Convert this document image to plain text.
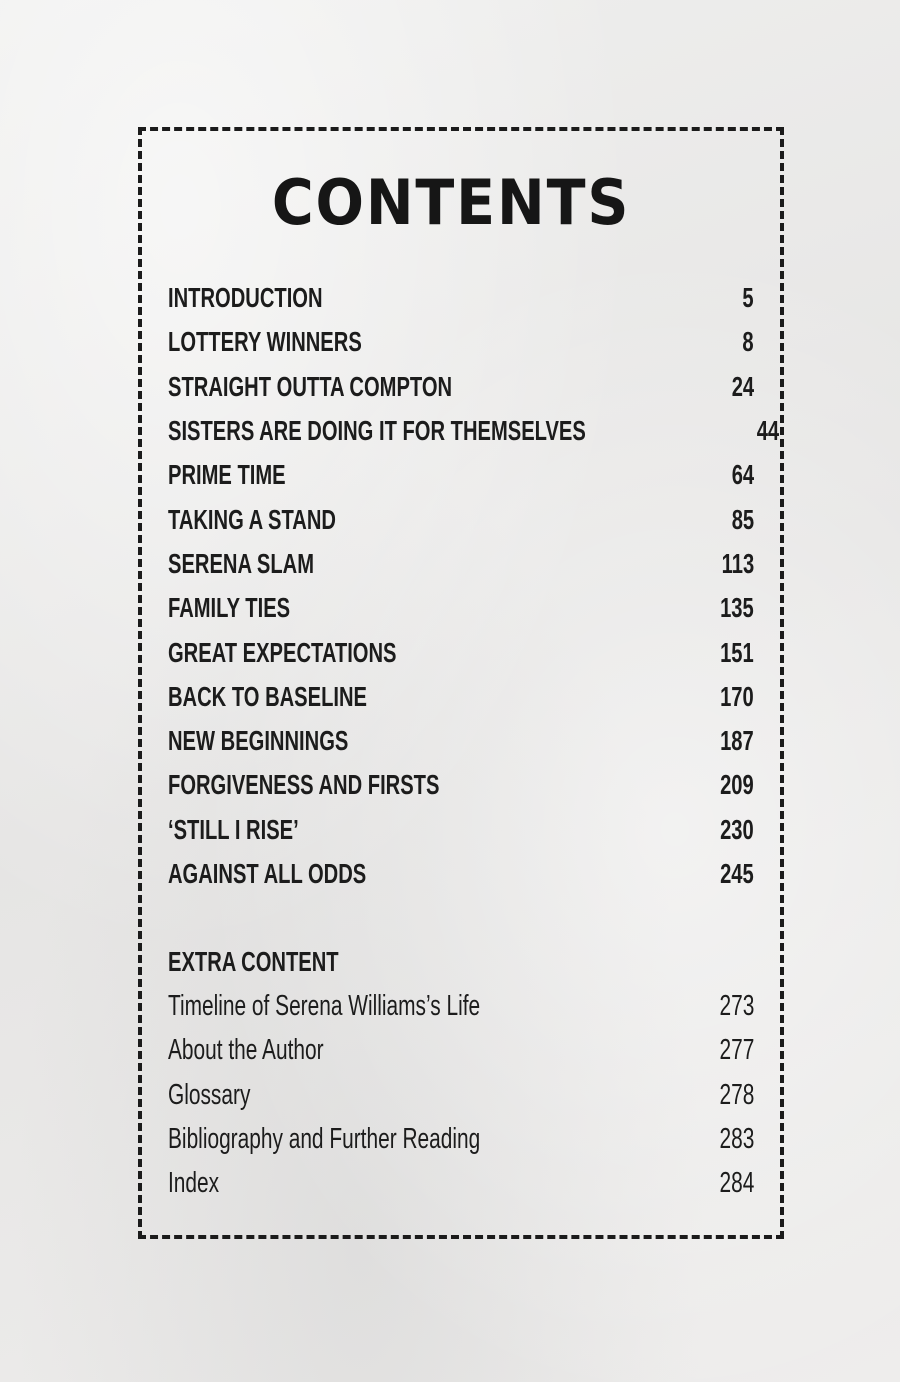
CONTENTS
INTRODUCTION	5
LOTTERY WINNERS	8
STRAIGHT OUTTA COMPTON	24
SISTERS ARE DOING IT FOR THEMSELVES	44
PRIME TIME	64
TAKING A STAND	85
SERENA SLAM	113
FAMILY TIES	135
GREAT EXPECTATIONS	151
BACK TO BASELINE	170
NEW BEGINNINGS	187
FORGIVENESS AND FIRSTS	209
‘STILL I RISE’	230
AGAINST ALL ODDS	245
EXTRA CONTENT
Timeline of Serena Williams’s Life	273
About the Author	277
Glossary	278
Bibliography and Further Reading	283
Index	284
